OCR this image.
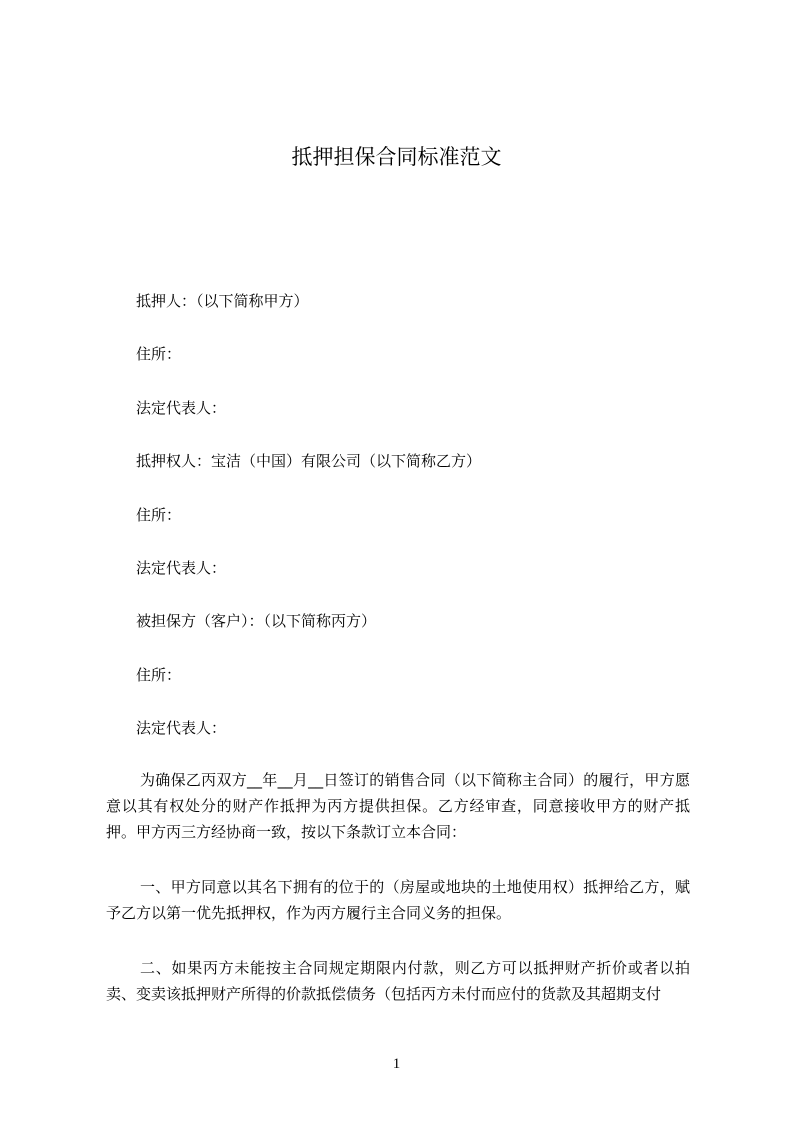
抵押担保合同标准范文
抵押人：（以下简称甲方）
住所：
法定代表人：
抵押权人：宝洁（中国）有限公司（以下简称乙方）
住所：
法定代表人：
被担保方（客户）：（以下简称丙方）
住所：
法定代表人：

为确保乙丙双方__年__月__日签订的销售合同（以下简称主合同）的履行，甲方愿意以其有权处分的财产作抵押为丙方提供担保。乙方经审查，同意接收甲方的财产抵押。甲方丙三方经协商一致，按以下条款订立本合同：

一、甲方同意以其名下拥有的位于的（房屋或地块的土地使用权）抵押给乙方，赋予乙方以第一优先抵押权，作为丙方履行主合同义务的担保。

二、如果丙方未能按主合同规定期限内付款，则乙方可以抵押财产折价或者以拍卖、变卖该抵押财产所得的价款抵偿债务（包括丙方未付而应付的货款及其超期支付

1
